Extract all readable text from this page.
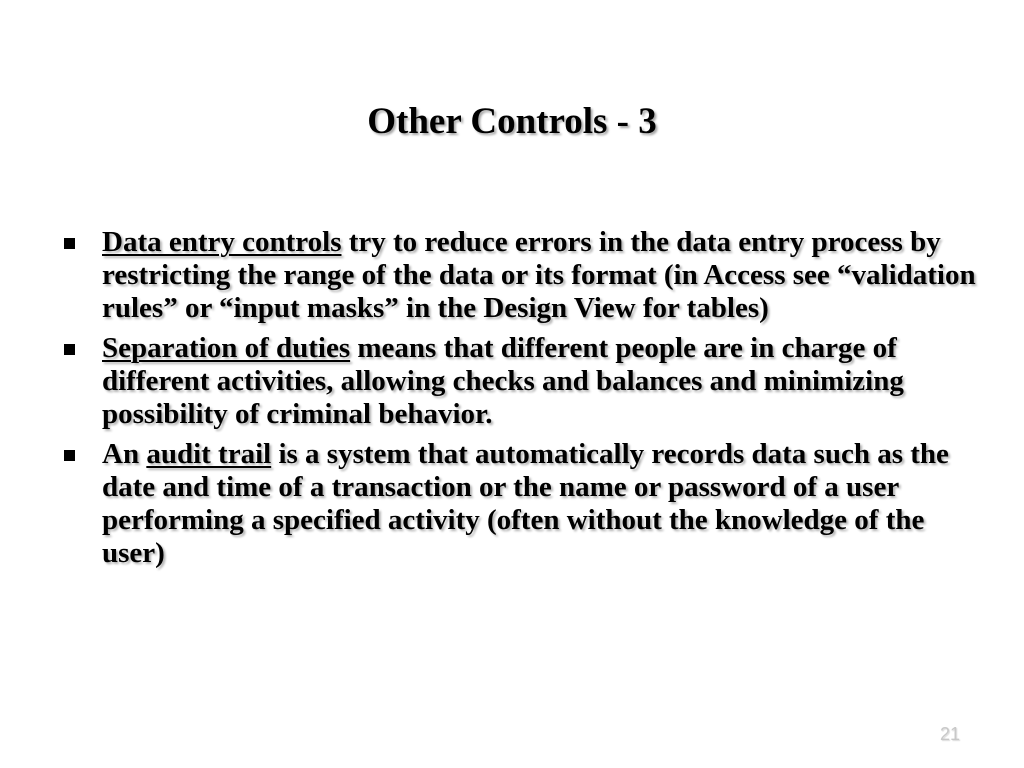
Other Controls - 3
Data entry controls try to reduce errors in the data entry process by restricting the range of the data or its format (in Access see “validation rules” or “input masks” in the Design View for tables)
Separation of duties means that different people are in charge of different activities, allowing checks and balances and minimizing possibility of criminal behavior.
An audit trail is a system that automatically records data such as the date and time of a transaction or the name or password of a user performing a specified activity (often without the knowledge of the user)
21
